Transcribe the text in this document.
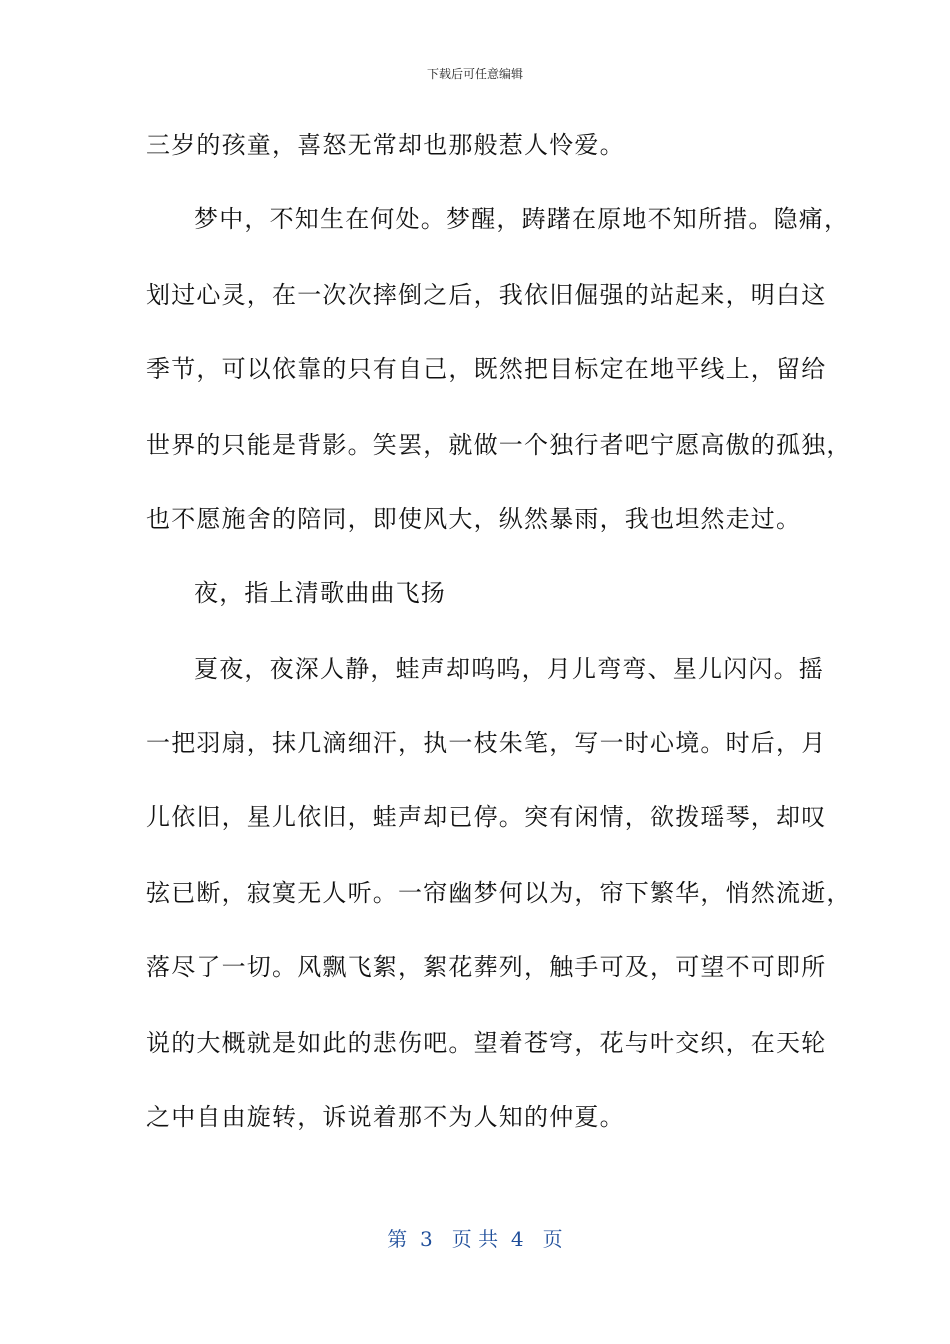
下载后可任意编辑
三岁的孩童，喜怒无常却也那般惹人怜爱。
梦中，不知生在何处。梦醒，踌躇在原地不知所措。隐痛，
划过心灵，在一次次摔倒之后，我依旧倔强的站起来，明白这
季节，可以依靠的只有自己，既然把目标定在地平线上，留给
世界的只能是背影。笑罢，就做一个独行者吧宁愿高傲的孤独，
也不愿施舍的陪同，即使风大，纵然暴雨，我也坦然走过。
夜，指上清歌曲曲飞扬
夏夜，夜深人静，蛙声却呜呜，月儿弯弯、星儿闪闪。摇
一把羽扇，抹几滴细汗，执一枝朱笔，写一时心境。时后，月
儿依旧，星儿依旧，蛙声却已停。突有闲情，欲拨瑶琴，却叹
弦已断，寂寞无人听。一帘幽梦何以为，帘下繁华，悄然流逝，
落尽了一切。风飘飞絮，絮花葬列，触手可及，可望不可即所
说的大概就是如此的悲伤吧。望着苍穹，花与叶交织，在天轮
之中自由旋转，诉说着那不为人知的仲夏。
第  3   页 共  4   页
